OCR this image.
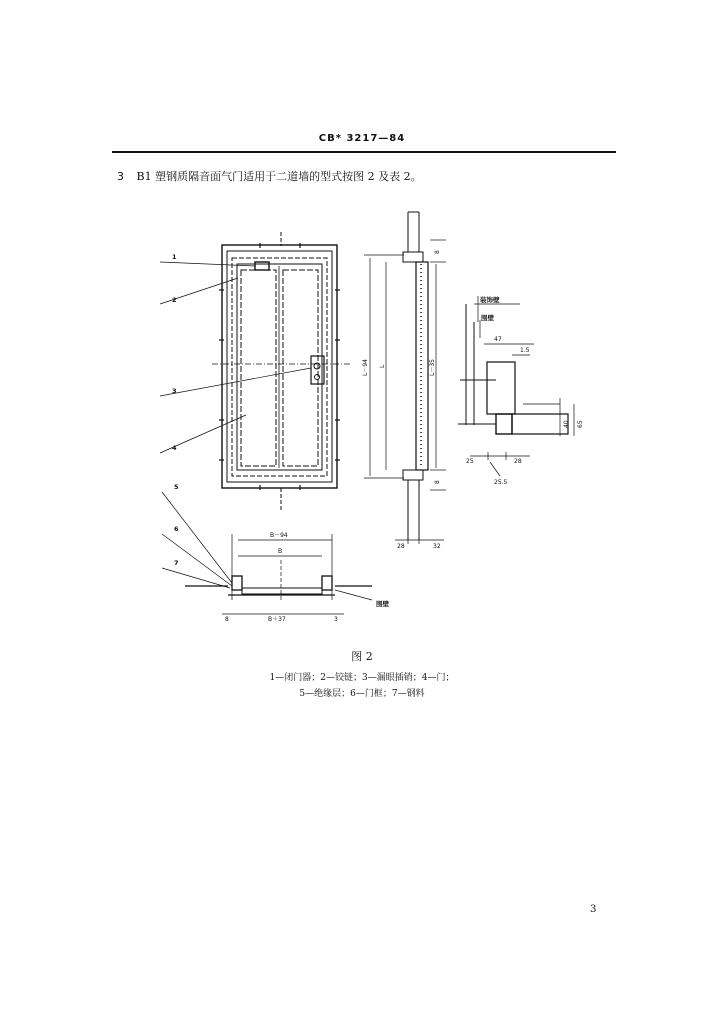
CB* 3217—84
3 B1 塑钢质隔音面气门适用于二道墙的型式按图 2 及表 2。
1
2
3
4
5
6
7
L－94 L	L－35
8
8
28	32
47
1.5
40 65
25	28
25.5
B－94
B
B＋37
8	3
装饰壁
围壁
围壁
图 2
1—闭门器；2—铰链；3—漏眼插销；4—门；
5—绝缘层；6—门框；7—钢料
3
